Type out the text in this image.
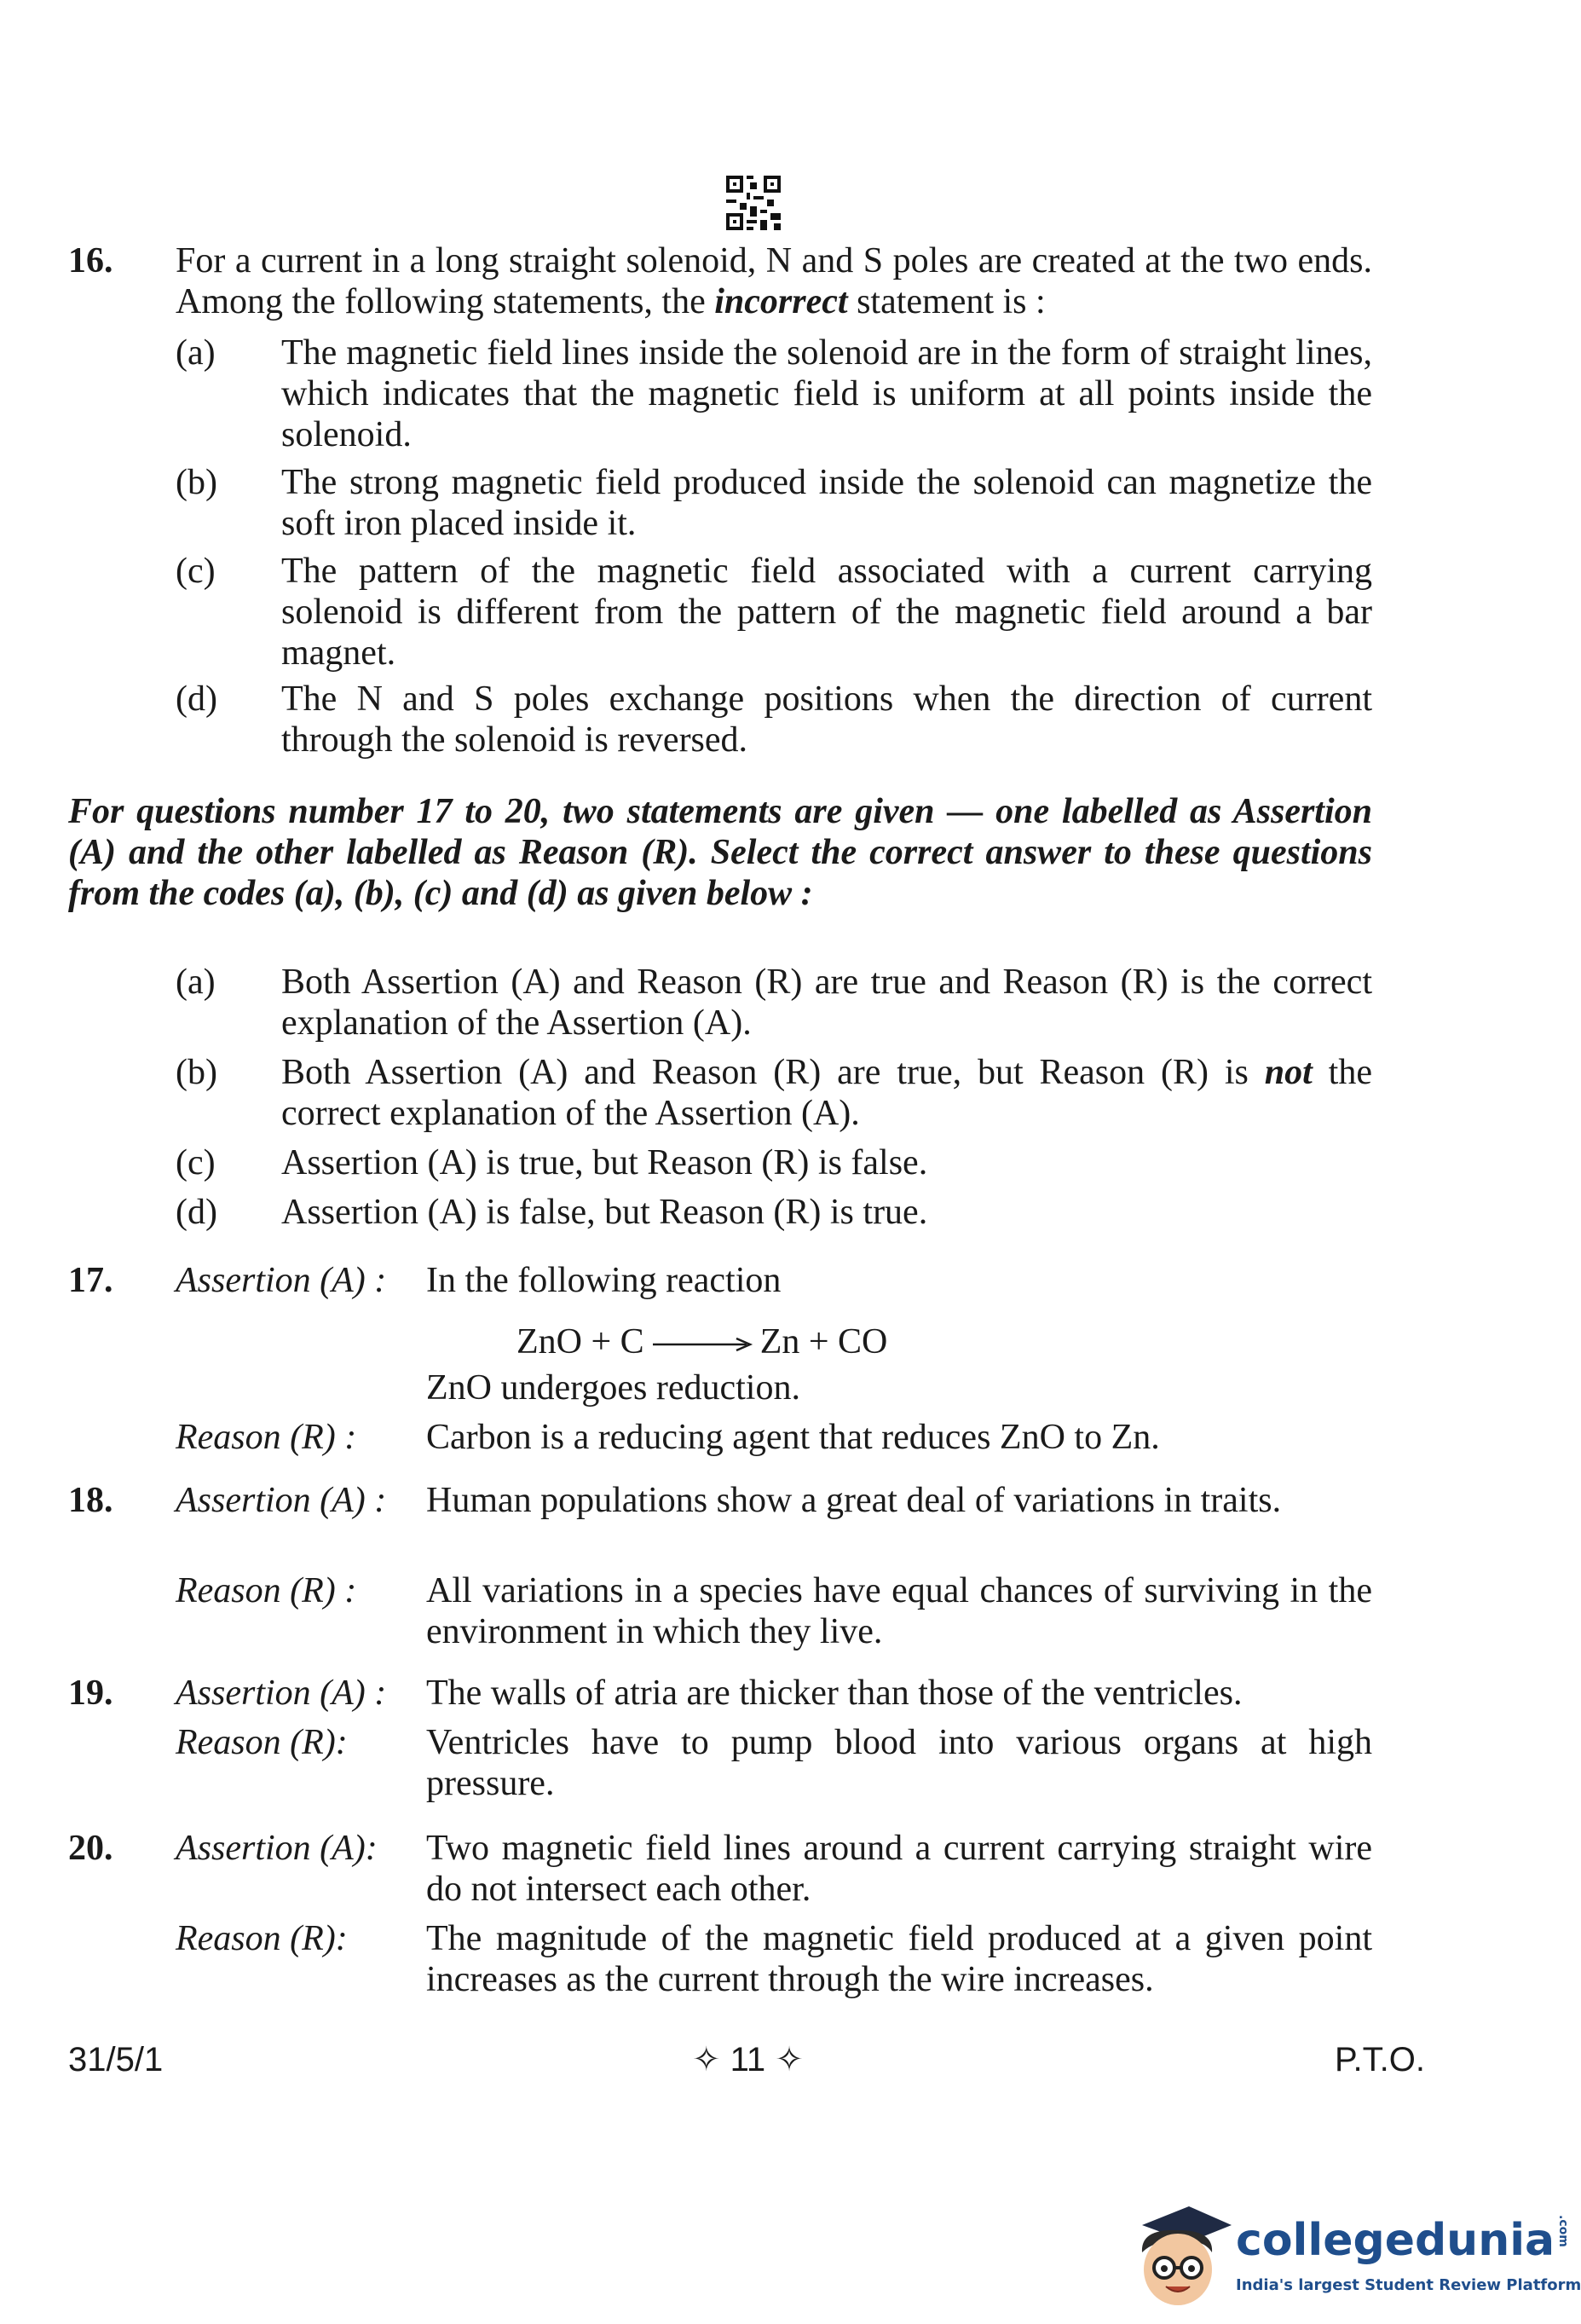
16. For a current in a long straight solenoid, N and S poles are created at the two ends. Among the following statements, the incorrect statement is :
(a) The magnetic field lines inside the solenoid are in the form of straight lines, which indicates that the magnetic field is uniform at all points inside the solenoid.
(b) The strong magnetic field produced inside the solenoid can magnetize the soft iron placed inside it.
(c) The pattern of the magnetic field associated with a current carrying solenoid is different from the pattern of the magnetic field around a bar magnet.
(d) The N and S poles exchange positions when the direction of current through the solenoid is reversed.
For questions number 17 to 20, two statements are given — one labelled as Assertion (A) and the other labelled as Reason (R). Select the correct answer to these questions from the codes (a), (b), (c) and (d) as given below :
(a) Both Assertion (A) and Reason (R) are true and Reason (R) is the correct explanation of the Assertion (A).
(b) Both Assertion (A) and Reason (R) are true, but Reason (R) is not the correct explanation of the Assertion (A).
(c) Assertion (A) is true, but Reason (R) is false.
(d) Assertion (A) is false, but Reason (R) is true.
17. Assertion (A) : In the following reaction
ZnO + C → Zn + CO
ZnO undergoes reduction.
Reason (R) : Carbon is a reducing agent that reduces ZnO to Zn.
18. Assertion (A) : Human populations show a great deal of variations in traits.
Reason (R) : All variations in a species have equal chances of surviving in the environment in which they live.
19. Assertion (A) : The walls of atria are thicker than those of the ventricles.
Reason (R): Ventricles have to pump blood into various organs at high pressure.
20. Assertion (A): Two magnetic field lines around a current carrying straight wire do not intersect each other.
Reason (R): The magnitude of the magnetic field produced at a given point increases as the current through the wire increases.
31/5/1	✧ 11 ✧	P.T.O.
collegedunia .com
India's largest Student Review Platform
